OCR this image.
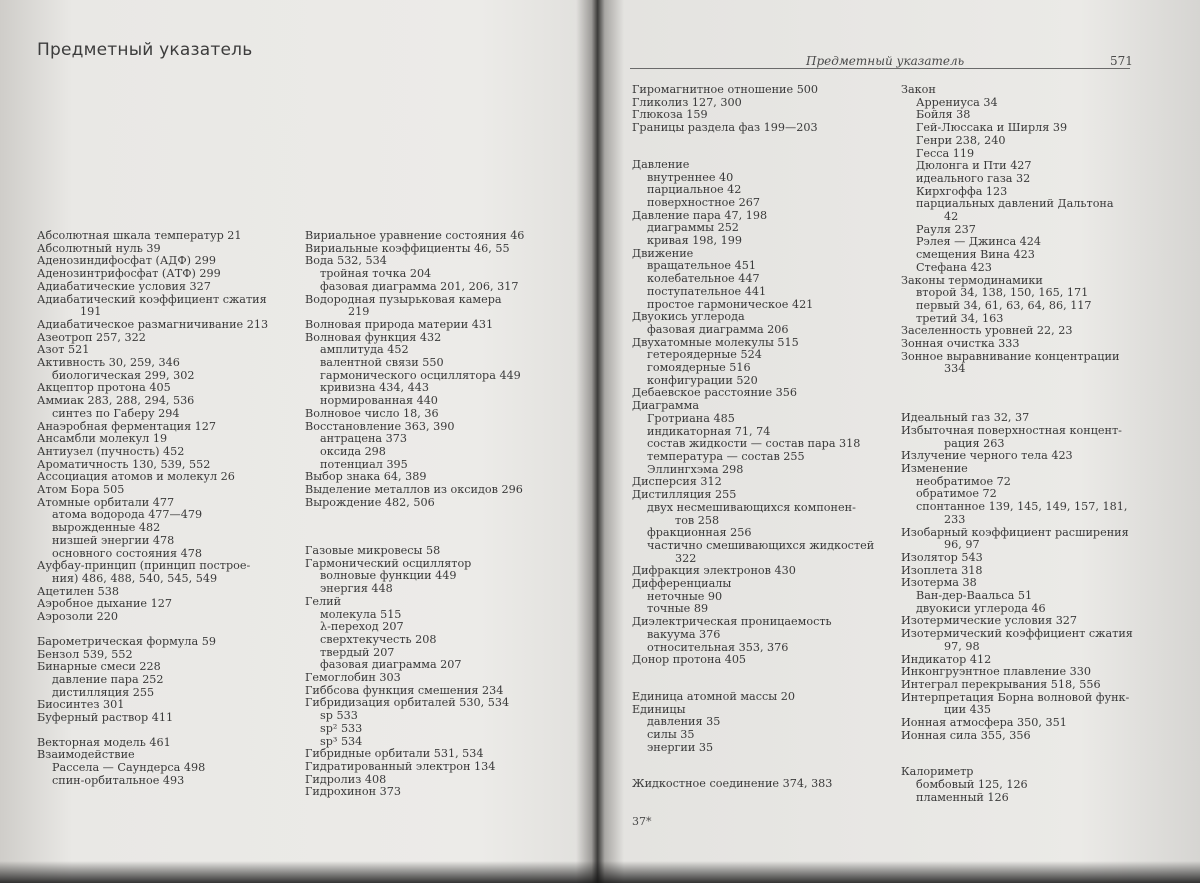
Предметный указатель
Абсолютная шкала температур 21
Абсолютный нуль 39
Аденозиндифосфат (АДФ) 299
Аденозинтрифосфат (АТФ) 299
Адиабатические условия 327
Адиабатический коэффициент сжатия
191
Адиабатическое размагничивание 213
Азеотроп 257, 322
Азот 521
Активность 30, 259, 346
биологическая 299, 302
Акцептор протона 405
Аммиак 283, 288, 294, 536
синтез по Габеру 294
Анаэробная ферментация 127
Ансамбли молекул 19
Антиузел (пучность) 452
Ароматичность 130, 539, 552
Ассоциация атомов и молекул 26
Атом Бора 505
Атомные орбитали 477
атома водорода 477—479
вырожденные 482
низшей энергии 478
основного состояния 478
Ауфбау-принцип (принцип построе-
ния) 486, 488, 540, 545, 549
Ацетилен 538
Аэробное дыхание 127
Аэрозоли 220
Барометрическая формула 59
Бензол 539, 552
Бинарные смеси 228
давление пара 252
дистилляция 255
Биосинтез 301
Буферный раствор 411
Векторная модель 461
Взаимодействие
Рассела — Саундерса 498
спин-орбитальное 493
Вириальное уравнение состояния 46
Вириальные коэффициенты 46, 55
Вода 532, 534
тройная точка 204
фазовая диаграмма 201, 206, 317
Водородная пузырьковая камера
219
Волновая природа материи 431
Волновая функция 432
амплитуда 452
валентной связи 550
гармонического осциллятора 449
кривизна 434, 443
нормированная 440
Волновое число 18, 36
Восстановление 363, 390
антрацена 373
оксида 298
потенциал 395
Выбор знака 64, 389
Выделение металлов из оксидов 296
Вырождение 482, 506
Газовые микровесы 58
Гармонический осциллятор
волновые функции 449
энергия 448
Гелий
молекула 515
λ-переход 207
сверхтекучесть 208
твердый 207
фазовая диаграмма 207
Гемоглобин 303
Гиббсова функция смешения 234
Гибридизация орбиталей 530, 534
sp 533
sp² 533
sp³ 534
Гибридные орбитали 531, 534
Гидратированный электрон 134
Гидролиз 408
Гидрохинон 373
Предметный указатель	571
Гиромагнитное отношение 500
Гликолиз 127, 300
Глюкоза 159
Границы раздела фаз 199—203
Давление
внутреннее 40
парциальное 42
поверхностное 267
Давление пара 47, 198
диаграммы 252
кривая 198, 199
Движение
вращательное 451
колебательное 447
поступательное 441
простое гармоническое 421
Двуокись углерода
фазовая диаграмма 206
Двухатомные молекулы 515
гетероядерные 524
гомоядерные 516
конфигурации 520
Дебаевское расстояние 356
Диаграмма
Гротриана 485
индикаторная 71, 74
состав жидкости — состав пара 318
температура — состав 255
Эллингхэма 298
Дисперсия 312
Дистилляция 255
двух несмешивающихся компонен-
тов 258
фракционная 256
частично смешивающихся жидкостей
322
Дифракция электронов 430
Дифференциалы
неточные 90
точные 89
Диэлектрическая проницаемость
вакуума 376
относительная 353, 376
Донор протона 405
Единица атомной массы 20
Единицы
давления 35
силы 35
энергии 35
Жидкостное соединение 374, 383
Закон
Аррениуса 34
Бойля 38
Гей-Люссака и Ширля 39
Генри 238, 240
Гесса 119
Дюлонга и Пти 427
идеального газа 32
Кирхгоффа 123
парциальных давлений Дальтона
42
Рауля 237
Рэлея — Джинса 424
смещения Вина 423
Стефана 423
Законы термодинамики
второй 34, 138, 150, 165, 171
первый 34, 61, 63, 64, 86, 117
третий 34, 163
Заселенность уровней 22, 23
Зонная очистка 333
Зонное выравнивание концентрации
334
Идеальный газ 32, 37
Избыточная поверхностная концент-
рация 263
Излучение черного тела 423
Изменение
необратимое 72
обратимое 72
спонтанное 139, 145, 149, 157, 181,
233
Изобарный коэффициент расширения
96, 97
Изолятор 543
Изоплета 318
Изотерма 38
Ван-дер-Ваальса 51
двуокиси углерода 46
Изотермические условия 327
Изотермический коэффициент сжатия
97, 98
Индикатор 412
Инконгруэнтное плавление 330
Интеграл перекрывания 518, 556
Интерпретация Борна волновой функ-
ции 435
Ионная атмосфера 350, 351
Ионная сила 355, 356
Калориметр
бомбовый 125, 126
пламенный 126
37*
